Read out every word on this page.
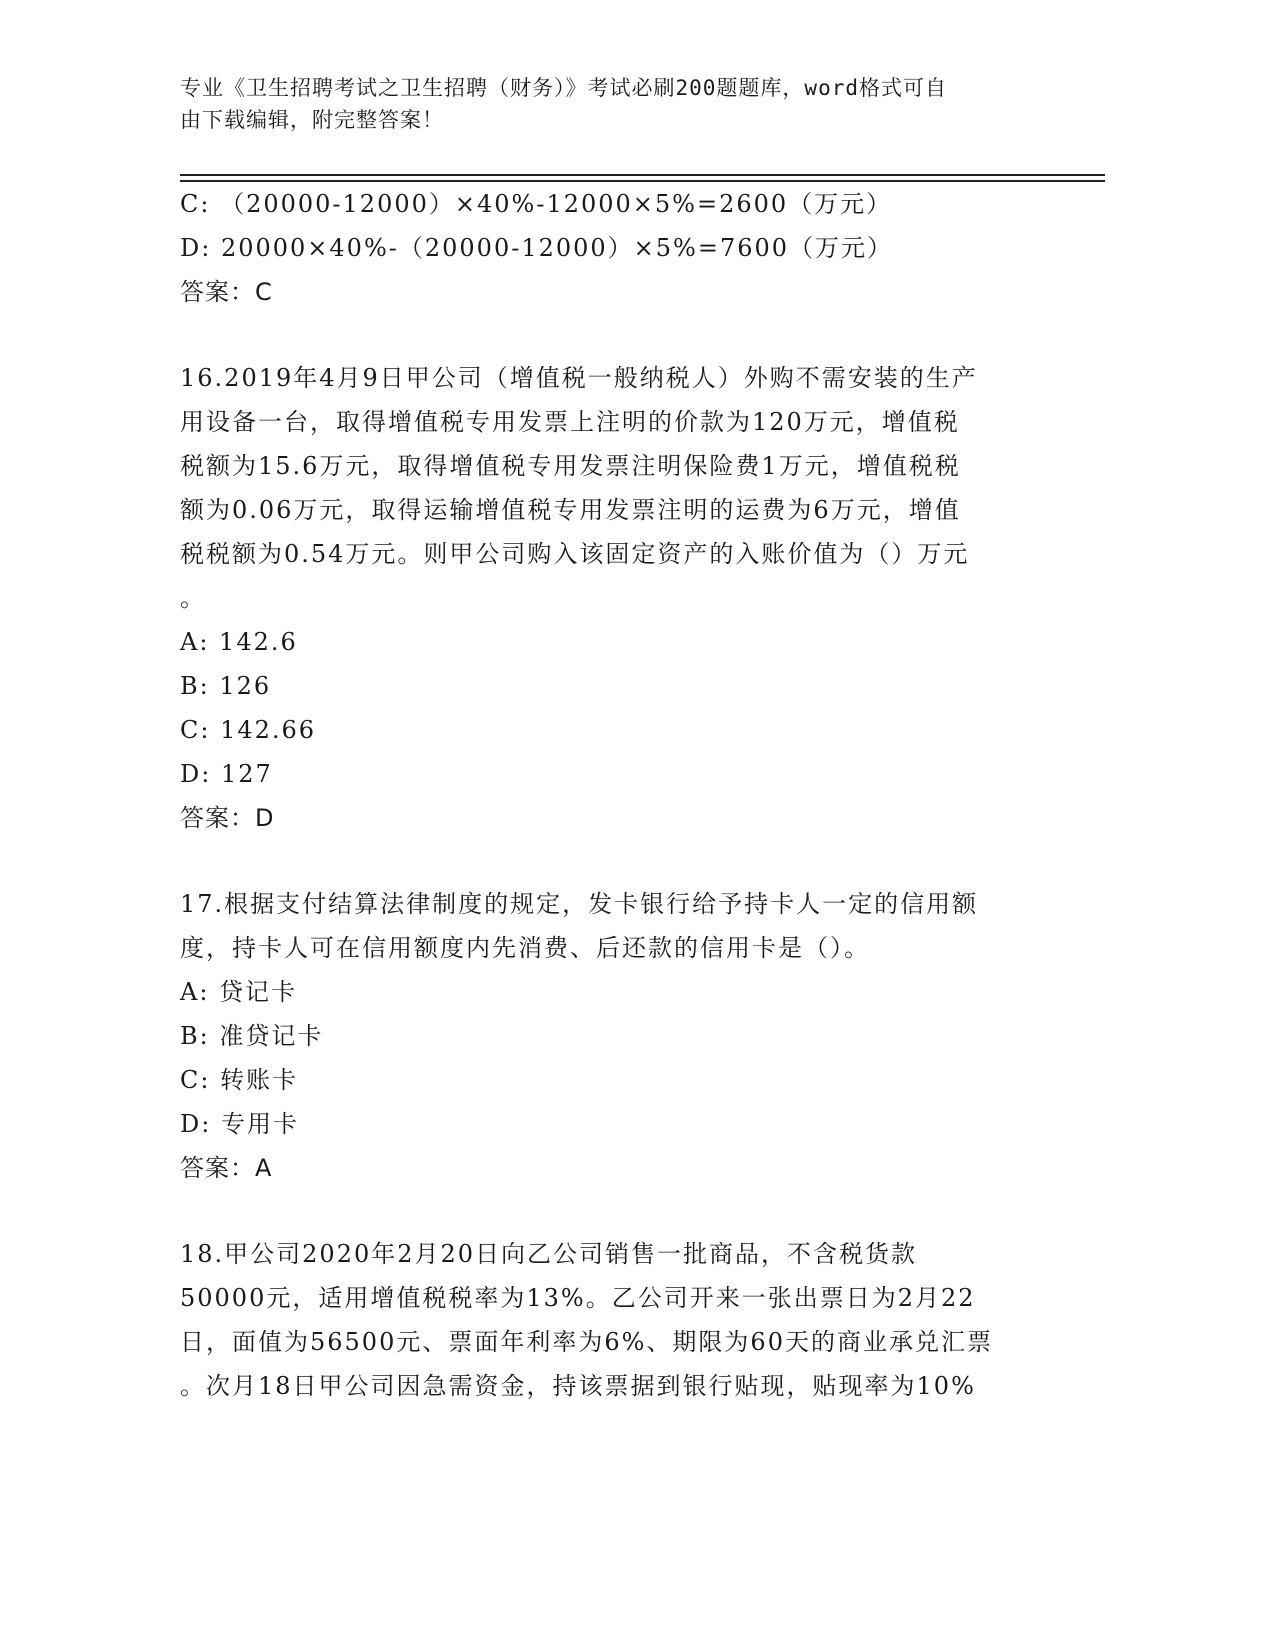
专业《卫生招聘考试之卫生招聘（财务）》考试必刷200题题库，word格式可自
由下载编辑，附完整答案！
C: （20000-12000）×40%-12000×5%=2600（万元）
D: 20000×40%-（20000-12000）×5%=7600（万元）
答案：C
16.2019年4月9日甲公司（增值税一般纳税人）外购不需安装的生产
用设备一台，取得增值税专用发票上注明的价款为120万元，增值税
税额为15.6万元，取得增值税专用发票注明保险费1万元，增值税税
额为0.06万元，取得运输增值税专用发票注明的运费为6万元，增值
税税额为0.54万元。则甲公司购入该固定资产的入账价值为（）万元
。
A: 142.6
B: 126
C: 142.66
D: 127
答案：D
17.根据支付结算法律制度的规定，发卡银行给予持卡人一定的信用额
度，持卡人可在信用额度内先消费、后还款的信用卡是（）。
A: 贷记卡
B: 准贷记卡
C: 转账卡
D: 专用卡
答案：A
18.甲公司2020年2月20日向乙公司销售一批商品，不含税货款
50000元，适用增值税税率为13%。乙公司开来一张出票日为2月22
日，面值为56500元、票面年利率为6%、期限为60天的商业承兑汇票
。次月18日甲公司因急需资金，持该票据到银行贴现，贴现率为10%
